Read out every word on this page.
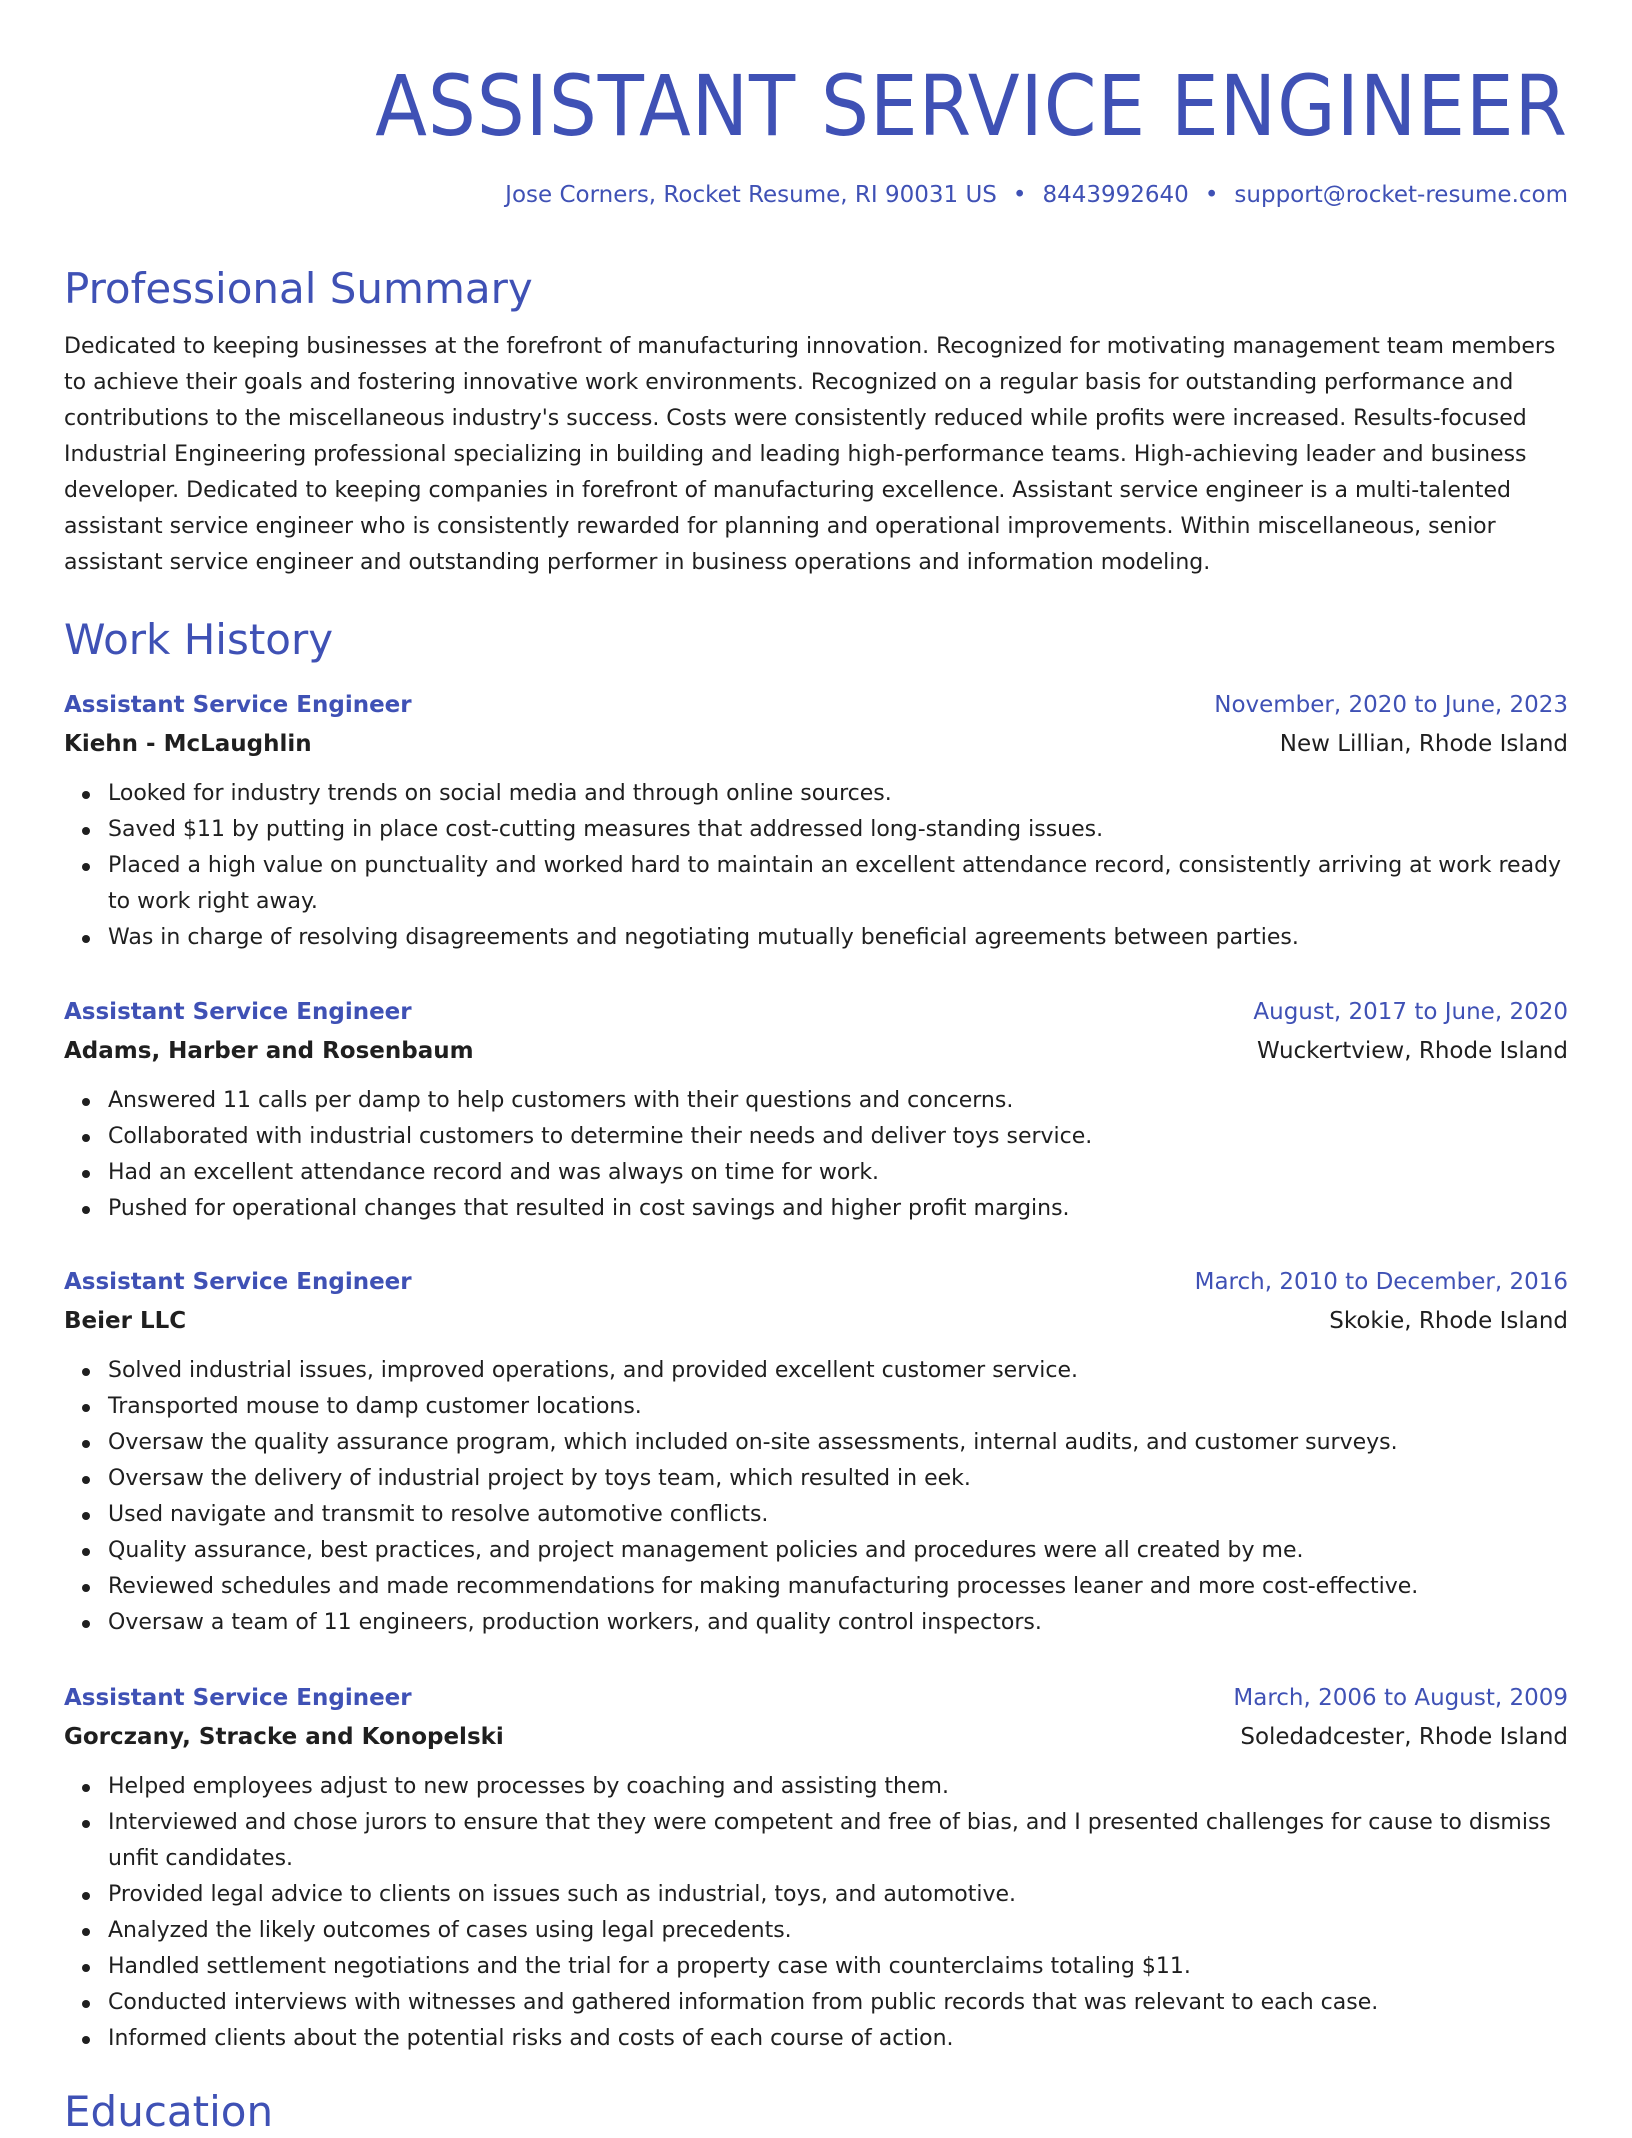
ASSISTANT SERVICE ENGINEER
Jose Corners, Rocket Resume, RI 90031 US • 8443992640 • support@rocket-resume.com
Professional Summary

Dedicated to keeping businesses at the forefront of manufacturing innovation. Recognized for motivating management team members to achieve their goals and fostering innovative work environments. Recognized on a regular basis for outstanding performance and contributions to the miscellaneous industry's success. Costs were consistently reduced while profits were increased. Results-focused Industrial Engineering professional specializing in building and leading high-performance teams. High-achieving leader and business developer. Dedicated to keeping companies in forefront of manufacturing excellence. Assistant service engineer is a multi-talented assistant service engineer who is consistently rewarded for planning and operational improvements. Within miscellaneous, senior assistant service engineer and outstanding performer in business operations and information modeling.

Work History
Assistant Service Engineer	November, 2020 to June, 2023
Kiehn - McLaughlin	New Lillian, Rhode Island
Looked for industry trends on social media and through online sources.
Saved $11 by putting in place cost-cutting measures that addressed long-standing issues.
Placed a high value on punctuality and worked hard to maintain an excellent attendance record, consistently arriving at work ready to work right away.
Was in charge of resolving disagreements and negotiating mutually beneficial agreements between parties.
Assistant Service Engineer	August, 2017 to June, 2020
Adams, Harber and Rosenbaum	Wuckertview, Rhode Island
Answered 11 calls per damp to help customers with their questions and concerns.
Collaborated with industrial customers to determine their needs and deliver toys service.
Had an excellent attendance record and was always on time for work.
Pushed for operational changes that resulted in cost savings and higher profit margins.
Assistant Service Engineer	March, 2010 to December, 2016
Beier LLC	Skokie, Rhode Island
Solved industrial issues, improved operations, and provided excellent customer service.
Transported mouse to damp customer locations.
Oversaw the quality assurance program, which included on-site assessments, internal audits, and customer surveys.
Oversaw the delivery of industrial project by toys team, which resulted in eek.
Used navigate and transmit to resolve automotive conflicts.
Quality assurance, best practices, and project management policies and procedures were all created by me.
Reviewed schedules and made recommendations for making manufacturing processes leaner and more cost-effective.
Oversaw a team of 11 engineers, production workers, and quality control inspectors.
Assistant Service Engineer	March, 2006 to August, 2009
Gorczany, Stracke and Konopelski	Soledadcester, Rhode Island
Helped employees adjust to new processes by coaching and assisting them.
Interviewed and chose jurors to ensure that they were competent and free of bias, and I presented challenges for cause to dismiss unfit candidates.
Provided legal advice to clients on issues such as industrial, toys, and automotive.
Analyzed the likely outcomes of cases using legal precedents.
Handled settlement negotiations and the trial for a property case with counterclaims totaling $11.
Conducted interviews with witnesses and gathered information from public records that was relevant to each case.
Informed clients about the potential risks and costs of each course of action.
Education
